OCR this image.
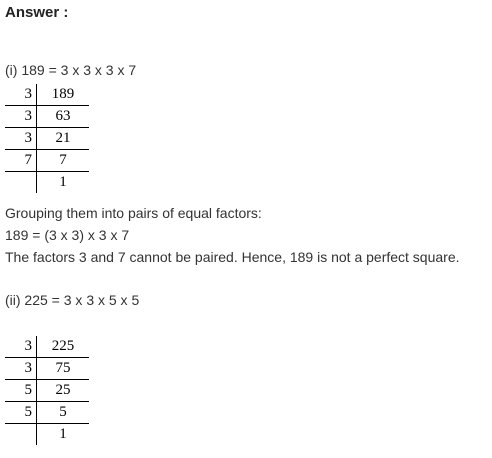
Answer :
(i) 189 = 3 x 3 x 3 x 7
3	189
3	63
3	21
7	7
	1
Grouping them into pairs of equal factors:
189 = (3 x 3) x 3 x 7
The factors 3 and 7 cannot be paired. Hence, 189 is not a perfect square.
(ii) 225 = 3 x 3 x 5 x 5
3	225
3	75
5	25
5	5
	1
